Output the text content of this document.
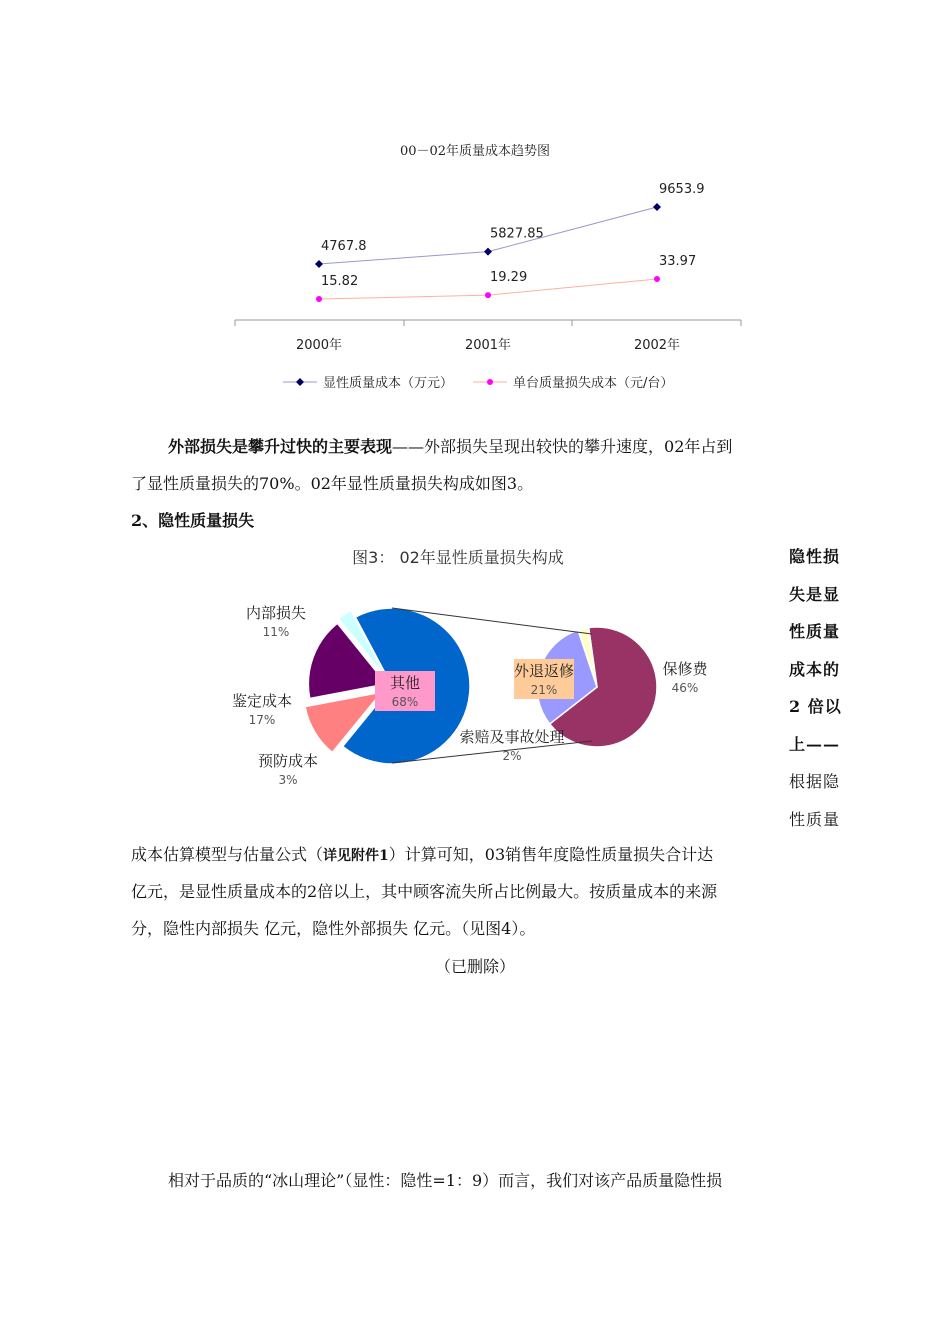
00－02年质量成本趋势图
4767.8
5827.85
9653.9
15.82	19.29
33.97
2000年	2001年	2002年
显性质量成本（万元）	单台质量损失成本（元/台）
外部损失是攀升过快的主要表现——外部损失呈现出较快的攀升速度，02年占到
了显性质量损失的70%。02年显性质量损失构成如图3。
2、隐性质量损失
图3： 02年显性质量损失构成
其他
68%
内部损失
11%
鉴定成本
17%
预防成本
3%
保修费
46%
外退返修
21%
索赔及事故处理
2%
隐性损
失是显
性质量
成本的
2 倍以
上——
根据隐
性质量
成本估算模型与估量公式（详见附件1）计算可知，03销售年度隐性质量损失合计达
亿元，是显性质量成本的2倍以上，其中顾客流失所占比例最大。按质量成本的来源
分，隐性内部损失 亿元，隐性外部损失 亿元。（见图4）。
（已删除）
相对于品质的“冰山理论”（显性：隐性=1：9）而言，我们对该产品质量隐性损
